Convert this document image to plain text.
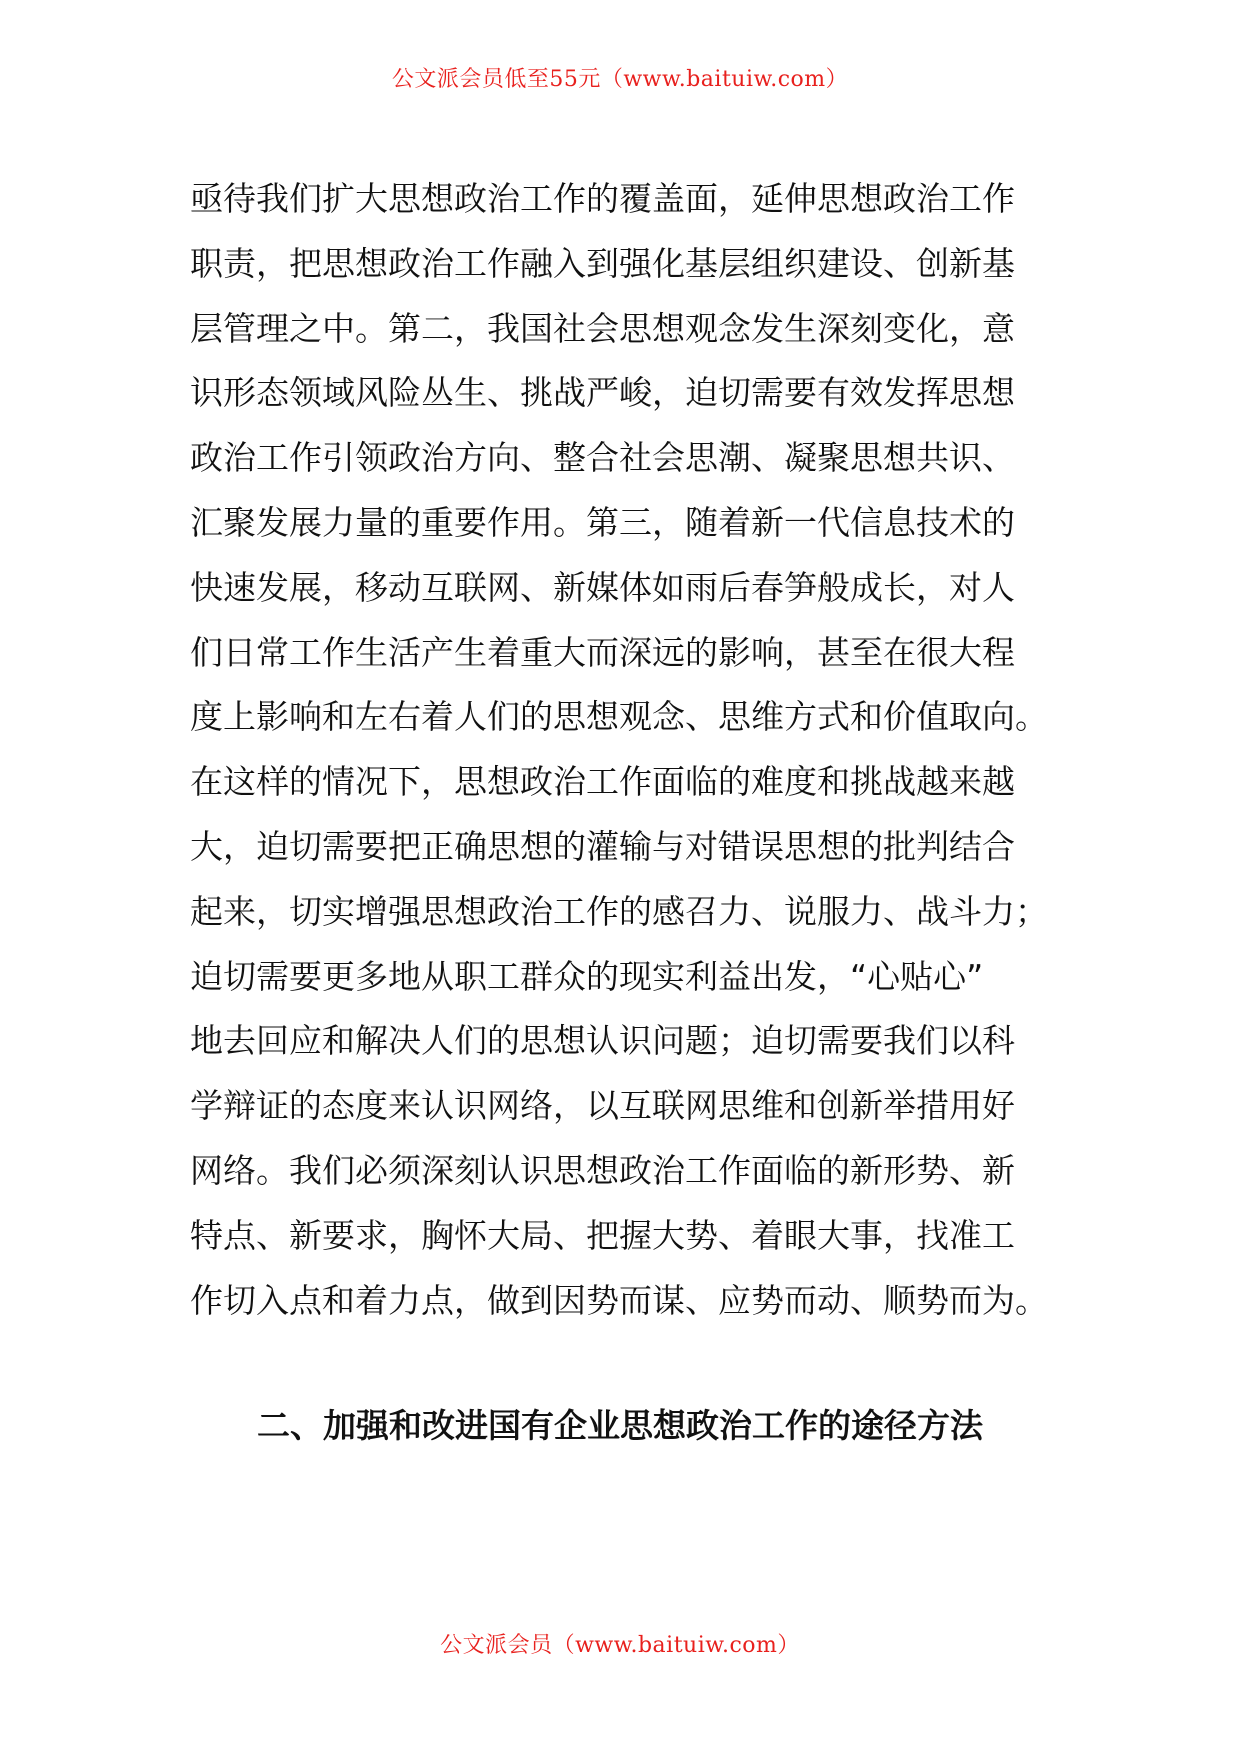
公文派会员低至55元（www.baituiw.com）
亟待我们扩大思想政治工作的覆盖面，延伸思想政治工作
职责，把思想政治工作融入到强化基层组织建设、创新基
层管理之中。第二，我国社会思想观念发生深刻变化，意
识形态领域风险丛生、挑战严峻，迫切需要有效发挥思想
政治工作引领政治方向、整合社会思潮、凝聚思想共识、
汇聚发展力量的重要作用。第三，随着新一代信息技术的
快速发展，移动互联网、新媒体如雨后春笋般成长，对人
们日常工作生活产生着重大而深远的影响，甚至在很大程
度上影响和左右着人们的思想观念、思维方式和价值取向。
在这样的情况下，思想政治工作面临的难度和挑战越来越
大，迫切需要把正确思想的灌输与对错误思想的批判结合
起来，切实增强思想政治工作的感召力、说服力、战斗力；
迫切需要更多地从职工群众的现实利益出发，“心贴心”
地去回应和解决人们的思想认识问题；迫切需要我们以科
学辩证的态度来认识网络，以互联网思维和创新举措用好
网络。我们必须深刻认识思想政治工作面临的新形势、新
特点、新要求，胸怀大局、把握大势、着眼大事，找准工
作切入点和着力点，做到因势而谋、应势而动、顺势而为。
二、加强和改进国有企业思想政治工作的途径方法
公文派会员（www.baituiw.com）
